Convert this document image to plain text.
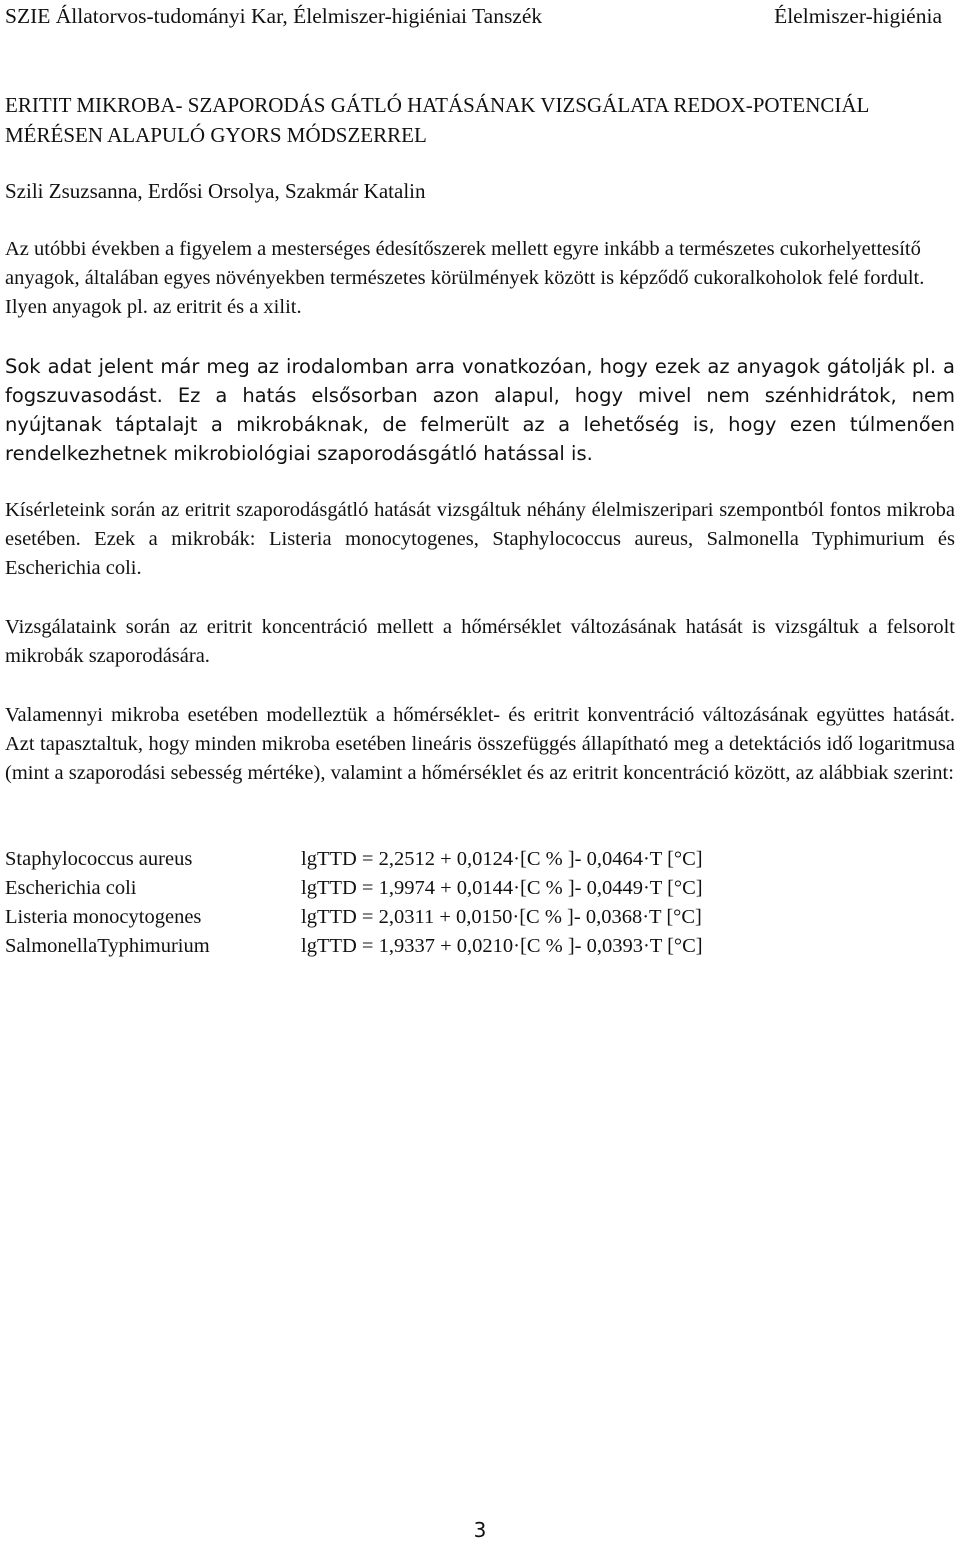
SZIE Állatorvos-tudományi Kar, Élelmiszer-higiéniai Tanszék	Élelmiszer-higiénia
ERITIT MIKROBA- SZAPORODÁS GÁTLÓ HATÁSÁNAK VIZSGÁLATA REDOX-POTENCIÁL MÉRÉSEN ALAPULÓ GYORS MÓDSZERREL
Szili Zsuzsanna, Erdősi Orsolya, Szakmár Katalin

Az utóbbi években a figyelem a mesterséges édesítőszerek mellett egyre inkább a természetes cukorhelyettesítő anyagok, általában egyes növényekben természetes körülmények között is képződő cukoralkoholok felé fordult. Ilyen anyagok pl. az eritrit és a xilit.

Sok adat jelent már meg az irodalomban arra vonatkozóan, hogy ezek az anyagok gátolják pl. a fogszuvasodást. Ez a hatás elsősorban azon alapul, hogy mivel nem szénhidrátok, nem nyújtanak táptalajt a mikrobáknak, de felmerült az a lehetőség is, hogy ezen túlmenően rendelkezhetnek mikrobiológiai szaporodásgátló hatással is.

Kísérleteink során az eritrit szaporodásgátló hatását vizsgáltuk néhány élelmiszeripari szempontból fontos mikroba esetében. Ezek a mikrobák: Listeria monocytogenes, Staphylococcus aureus, Salmonella Typhimurium és Escherichia coli.

Vizsgálataink során az eritrit koncentráció mellett a hőmérséklet változásának hatását is vizsgáltuk a felsorolt mikrobák szaporodására.

Valamennyi mikroba esetében modelleztük a hőmérséklet- és eritrit konventráció változásának együttes hatását. Azt tapasztaltuk, hogy minden mikroba esetében lineáris összefüggés állapítható meg a detektációs idő logaritmusa (mint a szaporodási sebesség mértéke), valamint a hőmérséklet és az eritrit koncentráció között, az alábbiak szerint:

Staphylococcus aureus	lgTTD = 2,2512 + 0,0124·[C % ]- 0,0464·T [°C]
Escherichia coli	lgTTD = 1,9974 + 0,0144·[C % ]- 0,0449·T [°C]
Listeria monocytogenes	lgTTD = 2,0311 + 0,0150·[C % ]- 0,0368·T [°C]
SalmonellaTyphimurium	lgTTD = 1,9337 + 0,0210·[C % ]- 0,0393·T [°C]
3
